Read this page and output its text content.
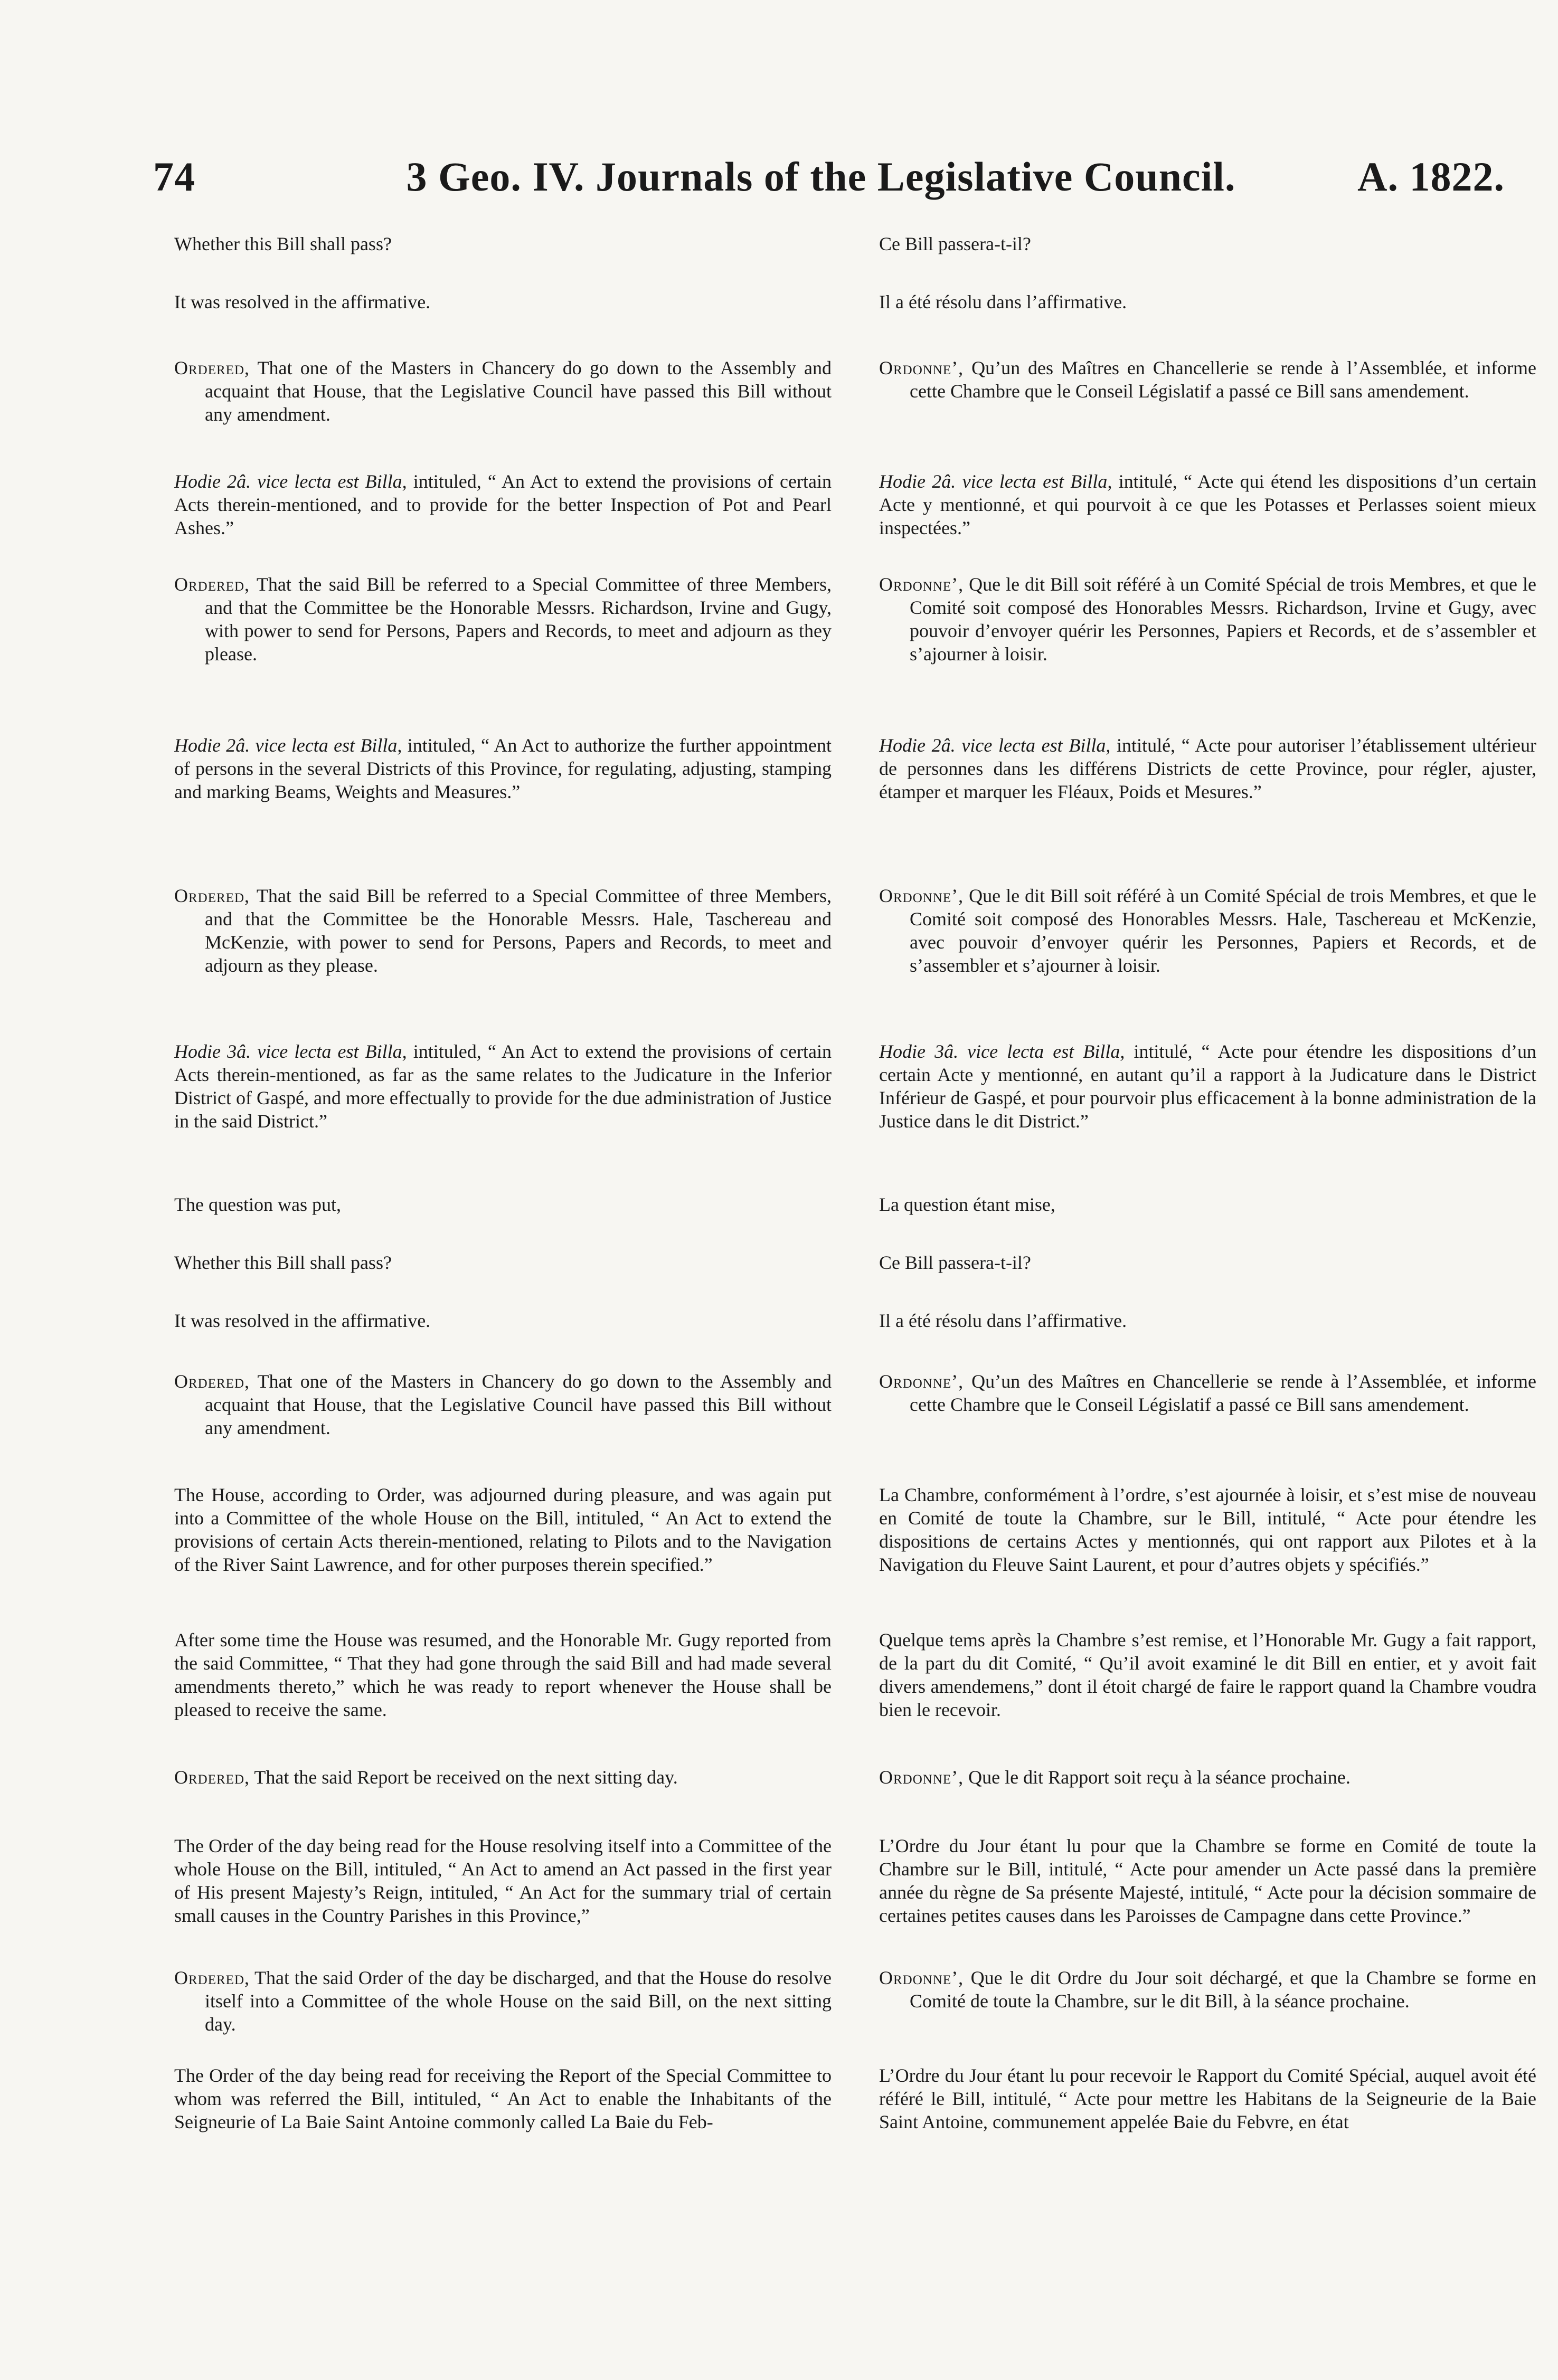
74	3 Geo. IV. Journals of the Legislative Council.	A. 1822.

Whether this Bill shall pass?

It was resolved in the affirmative.

Ordered, That one of the Masters in Chancery do go down to the Assembly and acquaint that House, that the Legislative Council have passed this Bill without any amendment.

Hodie 2â. vice lecta est Billa, intituled, “ An Act to extend the provisions of certain Acts therein-mentioned, and to provide for the better Inspection of Pot and Pearl Ashes.”

Ordered, That the said Bill be referred to a Special Committee of three Members, and that the Committee be the Honorable Messrs. Richardson, Irvine and Gugy, with power to send for Persons, Papers and Records, to meet and adjourn as they please.

Hodie 2â. vice lecta est Billa, intituled, “ An Act to authorize the further appointment of persons in the several Districts of this Province, for regulating, adjusting, stamping and marking Beams, Weights and Measures.”

Ordered, That the said Bill be referred to a Special Committee of three Members, and that the Committee be the Honorable Messrs. Hale, Taschereau and McKenzie, with power to send for Persons, Papers and Records, to meet and adjourn as they please.

Hodie 3â. vice lecta est Billa, intituled, “ An Act to extend the provisions of certain Acts therein-mentioned, as far as the same relates to the Judicature in the Inferior District of Gaspé, and more effectually to provide for the due administration of Justice in the said District.”

The question was put,

Whether this Bill shall pass?

It was resolved in the affirmative.

Ordered, That one of the Masters in Chancery do go down to the Assembly and acquaint that House, that the Legislative Council have passed this Bill without any amendment.

The House, according to Order, was adjourned during pleasure, and was again put into a Committee of the whole House on the Bill, intituled, “ An Act to extend the provisions of certain Acts therein-mentioned, relating to Pilots and to the Navigation of the River Saint Lawrence, and for other purposes therein specified.”

After some time the House was resumed, and the Honorable Mr. Gugy reported from the said Committee, “ That they had gone through the said Bill and had made several amendments thereto,” which he was ready to report whenever the House shall be pleased to receive the same.

Ordered, That the said Report be received on the next sitting day.

The Order of the day being read for the House resolving itself into a Committee of the whole House on the Bill, intituled, “ An Act to amend an Act passed in the first year of His present Majesty’s Reign, intituled, “ An Act for the summary trial of certain small causes in the Country Parishes in this Province,”

Ordered, That the said Order of the day be discharged, and that the House do resolve itself into a Committee of the whole House on the said Bill, on the next sitting day.

The Order of the day being read for receiving the Report of the Special Committee to whom was referred the Bill, intituled, “ An Act to enable the Inhabitants of the Seigneurie of La Baie Saint Antoine commonly called La Baie du Feb-

Ce Bill passera-t-il?

Il a été résolu dans l’affirmative.

Ordonne’, Qu’un des Maîtres en Chancellerie se rende à l’Assemblée, et informe cette Chambre que le Conseil Législatif a passé ce Bill sans amendement.

Hodie 2â. vice lecta est Billa, intitulé, “ Acte qui étend les dispositions d’un certain Acte y mentionné, et qui pourvoit à ce que les Potasses et Perlasses soient mieux inspectées.”

Ordonne’, Que le dit Bill soit référé à un Comité Spécial de trois Membres, et que le Comité soit composé des Honorables Messrs. Richardson, Irvine et Gugy, avec pouvoir d’envoyer quérir les Personnes, Papiers et Records, et de s’assembler et s’ajourner à loisir.

Hodie 2â. vice lecta est Billa, intitulé, “ Acte pour autoriser l’établissement ultérieur de personnes dans les différens Districts de cette Province, pour régler, ajuster, étamper et marquer les Fléaux, Poids et Mesures.”

Ordonne’, Que le dit Bill soit référé à un Comité Spécial de trois Membres, et que le Comité soit composé des Honorables Messrs. Hale, Taschereau et McKenzie, avec pouvoir d’envoyer quérir les Personnes, Papiers et Records, et de s’assembler et s’ajourner à loisir.

Hodie 3â. vice lecta est Billa, intitulé, “ Acte pour étendre les dispositions d’un certain Acte y mentionné, en autant qu’il a rapport à la Judicature dans le District Inférieur de Gaspé, et pour pourvoir plus efficacement à la bonne administration de la Justice dans le dit District.”

La question étant mise,

Ce Bill passera-t-il?

Il a été résolu dans l’affirmative.

Ordonne’, Qu’un des Maîtres en Chancellerie se rende à l’Assemblée, et informe cette Chambre que le Conseil Législatif a passé ce Bill sans amendement.

La Chambre, conformément à l’ordre, s’est ajournée à loisir, et s’est mise de nouveau en Comité de toute la Chambre, sur le Bill, intitulé, “ Acte pour étendre les dispositions de certains Actes y mentionnés, qui ont rapport aux Pilotes et à la Navigation du Fleuve Saint Laurent, et pour d’autres objets y spécifiés.”

Quelque tems après la Chambre s’est remise, et l’Honorable Mr. Gugy a fait rapport, de la part du dit Comité, “ Qu’il avoit examiné le dit Bill en entier, et y avoit fait divers amendemens,” dont il étoit chargé de faire le rapport quand la Chambre voudra bien le recevoir.

Ordonne’, Que le dit Rapport soit reçu à la séance prochaine.

L’Ordre du Jour étant lu pour que la Chambre se forme en Comité de toute la Chambre sur le Bill, intitulé, “ Acte pour amender un Acte passé dans la première année du règne de Sa présente Majesté, intitulé, “ Acte pour la décision sommaire de certaines petites causes dans les Paroisses de Campagne dans cette Province.”

Ordonne’, Que le dit Ordre du Jour soit déchargé, et que la Chambre se forme en Comité de toute la Chambre, sur le dit Bill, à la séance prochaine.

L’Ordre du Jour étant lu pour recevoir le Rapport du Comité Spécial, auquel avoit été référé le Bill, intitulé, “ Acte pour mettre les Habitans de la Seigneurie de la Baie Saint Antoine, communement appelée Baie du Febvre, en état
